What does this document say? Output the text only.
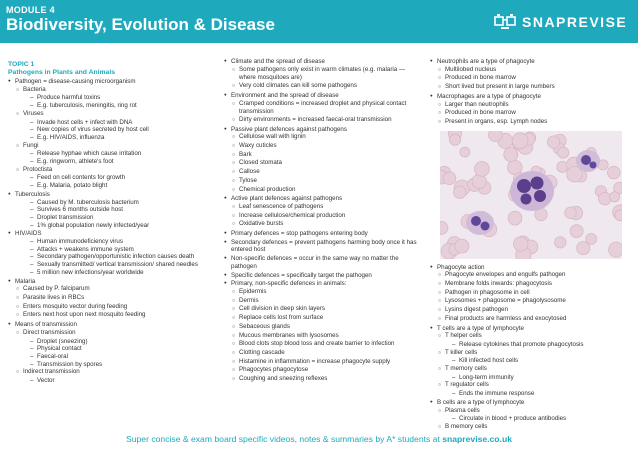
MODULE 4
Biodiversity, Evolution & Disease	SNAPREVISE
TOPIC 1
Pathogens in Plants and Animals
● Pathogen = disease-causing microorganism
○ Bacteria
– Produce harmful toxins
– E.g. tuberculosis, meningitis, ring rot
○ Viruses
– Invade host cells + infect with DNA
– New copies of virus secreted by host cell
– E.g. HIV/AIDS, influenza
○ Fungi
– Release hyphae which cause irritation
– E.g. ringworm, athlete's foot
○ Protoctista
– Feed on cell contents for growth
– E.g. Malaria, potato blight
● Tuberculosis
– Caused by M. tuberculosis bacterium
– Survives 6 months outside host
– Droplet transmission
– 1% global population newly infected/year
● HIV/AIDS
– Human immunodeficiency virus
– Attacks + weakens immune system
– Secondary pathogen/opportunistic infection causes death
– Sexually transmitted/ vertical transmission/ shared needles
– 5 million new infections/year worldwide
● Malaria
○ Caused by P. falciparum
○ Parasite lives in RBCs
○ Enters mosquito vector during feeding
○ Enters next host upon next mosquito feeding
● Means of transmission
○ Direct transmission
– Droplet (sneezing)
– Physical contact
– Faecal-oral
– Transmission by spores
○ Indirect transmission
– Vector
● Climate and the spread of disease
○ Some pathogens only exist in warm climates (e.g. malaria — where mosquitoes are)
○ Very cold climates can kill some pathogens
● Environment and the spread of disease
○ Cramped conditions = increased droplet and physical contact transmission
○ Dirty environments = increased faecal-oral transmission
● Passive plant defences against pathogens
○ Cellulose wall with lignin
○ Waxy cuticles
○ Bark
○ Closed stomata
○ Callose
○ Tylose
○ Chemical production
● Active plant defences against pathogens
○ Leaf senescence of pathogens
○ Increase cellulose/chemical production
○ Oxidative bursts
● Primary defences = stop pathogens entering body
● Secondary defences = prevent pathogens harming body once it has entered host
● Non-specific defences = occur in the same way no matter the pathogen
● Specific defences = specifically target the pathogen
● Primary, non-specific defences in animals:
○ Epidermis
○ Dermis
○ Cell division in deep skin layers
○ Replace cells lost from surface
○ Sebaceous glands
○ Mucous membranes with lysosomes
○ Blood clots stop blood loss and create barrier to infection
○ Clotting cascade
○ Histamine in inflammation = increase phagocyte supply
○ Phagocytes phagocytose
○ Coughing and sneezing reflexes
● Neutrophils are a type of phagocyte
○ Multilobed nucleus
○ Produced in bone marrow
○ Short lived but present in large numbers
● Macrophages are a type of phagocyte
○ Larger than neutrophils
○ Produced in bone marrow
○ Present in organs, esp. Lymph nodes
● Phagocyte action
○ Phagocyte envelopes and engulfs pathogen
○ Membrane folds inwards: phagocytosis
○ Pathogen in phagosome in cell
○ Lysosomes + phagosome = phagolysosome
○ Lysins digest pathogen
○ Final products are harmless and exocytosed
● T cells are a type of lymphocyte
○ T helper cells
– Release cytokines that promote phagocytosis
○ T killer cells
– Kill infected host cells
○ T memory cells
– Long-term immunity
○ T regulator cells
– Ends the immune response
● B cells are a type of lymphocyte
○ Plasma cells
– Circulate in blood + produce antibodies
○ B memory cells
Super concise & exam board specific videos, notes & summaries by A* students at snaprevise.co.uk
